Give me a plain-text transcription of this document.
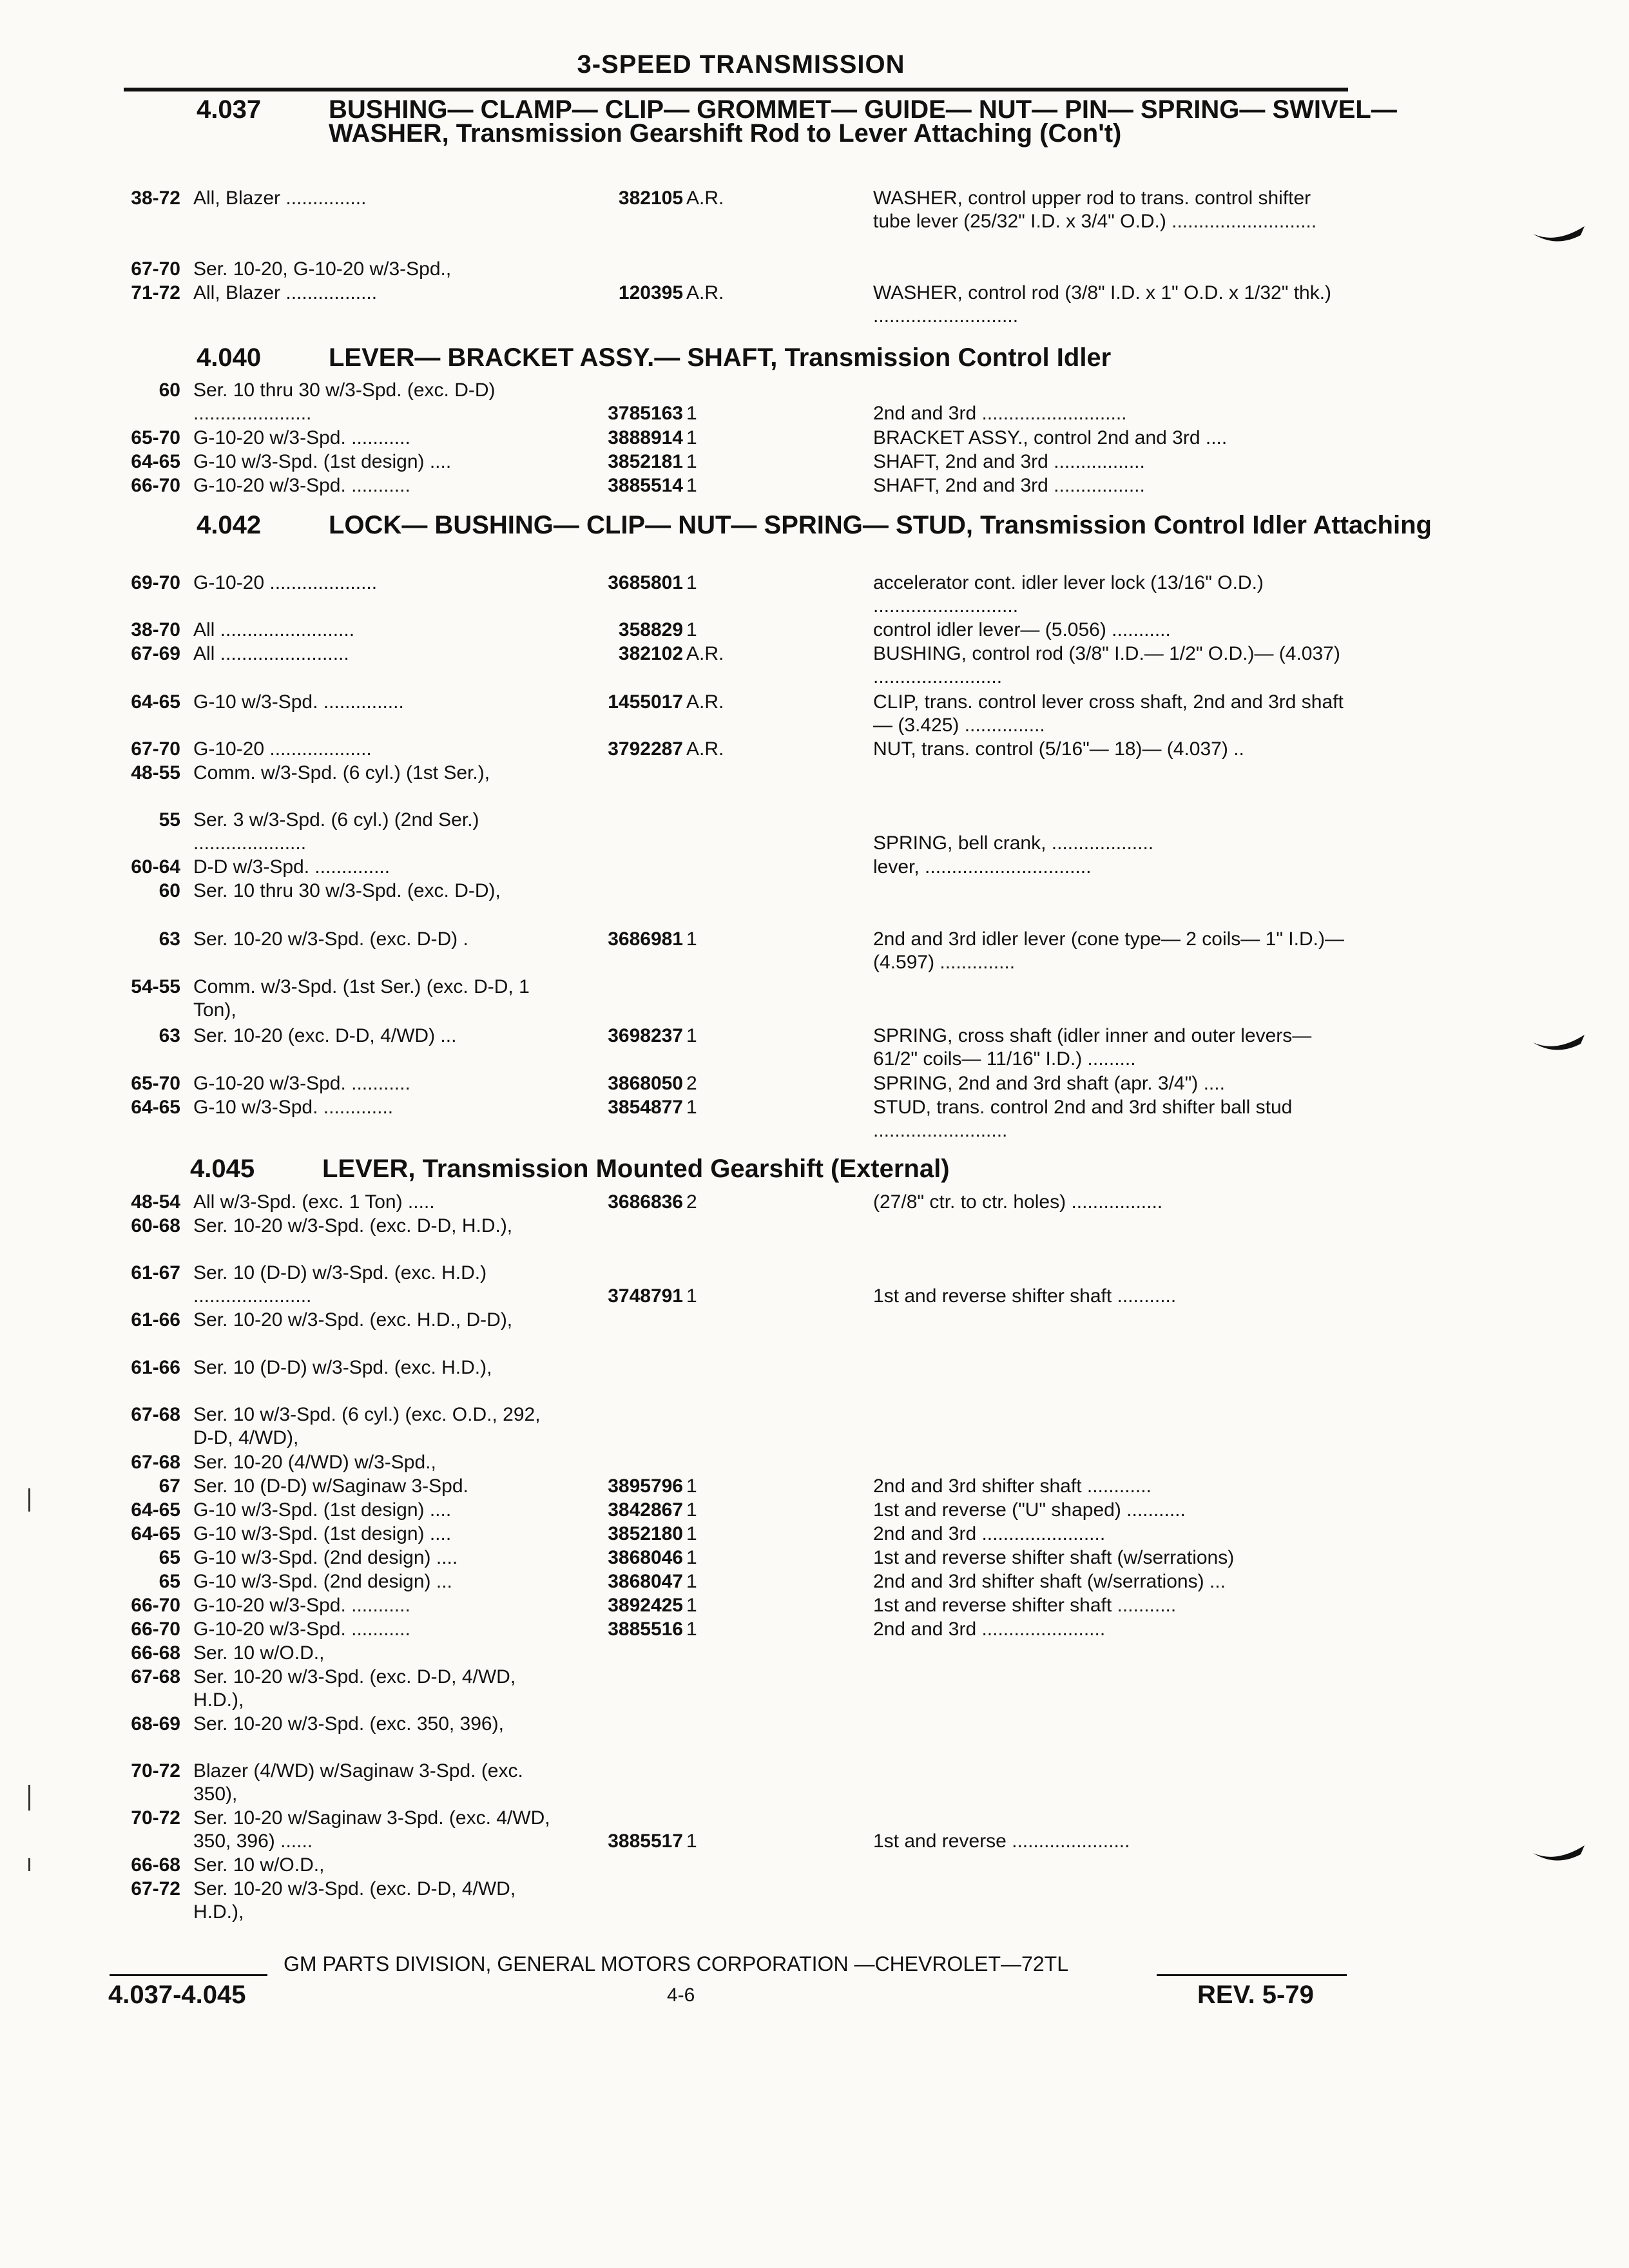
3-SPEED TRANSMISSION
4.037	BUSHING— CLAMP— CLIP— GROMMET— GUIDE— NUT— PIN— SPRING— SWIVEL— WASHER, Transmission Gearshift Rod to Lever Attaching (Con't)
38-72 All, Blazer ...............	382105 A.R.	WASHER, control upper rod to trans. control shifter tube lever (25/32" I.D. x 3/4" O.D.) ...........................
67-70 Ser. 10-20, G-10-20 w/3-Spd.,
71-72 All, Blazer .................	120395 A.R.	WASHER, control rod (3/8" I.D. x 1" O.D. x 1/32" thk.) ...........................
4.040	LEVER— BRACKET ASSY.— SHAFT, Transmission Control Idler
60 Ser. 10 thru 30 w/3-Spd. (exc. D-D) ......................	3785163 1	2nd and 3rd ...........................
65-70 G-10-20 w/3-Spd. ...........	3888914 1	BRACKET ASSY., control 2nd and 3rd ....
64-65 G-10 w/3-Spd. (1st design) ....	3852181 1	SHAFT, 2nd and 3rd .................
66-70 G-10-20 w/3-Spd. ...........	3885514 1	SHAFT, 2nd and 3rd .................
4.042	LOCK— BUSHING— CLIP— NUT— SPRING— STUD, Transmission Control Idler Attaching
69-70 G-10-20 ....................	3685801 1	accelerator cont. idler lever lock (13/16" O.D.) ...........................
38-70 All .........................	358829 1	control idler lever— (5.056) ...........
67-69 All ........................	382102 A.R.	BUSHING, control rod (3/8" I.D.— 1/2" O.D.)— (4.037) ........................
64-65 G-10 w/3-Spd. ...............	1455017 A.R.	CLIP, trans. control lever cross shaft, 2nd and 3rd shaft— (3.425) ...............
67-70 G-10-20 ...................	3792287 A.R.	NUT, trans. control (5/16"— 18)— (4.037) ..
48-55 Comm. w/3-Spd. (6 cyl.) (1st Ser.),
55 Ser. 3 w/3-Spd. (6 cyl.) (2nd Ser.) .....................	SPRING, bell crank, ...................
60-64 D-D w/3-Spd. ..............	lever, ...............................
60 Ser. 10 thru 30 w/3-Spd. (exc. D-D),
63 Ser. 10-20 w/3-Spd. (exc. D-D) .	3686981 1	2nd and 3rd idler lever (cone type— 2 coils— 1" I.D.)— (4.597) ..............
54-55 Comm. w/3-Spd. (1st Ser.) (exc. D-D, 1 Ton),
63 Ser. 10-20 (exc. D-D, 4/WD) ...	3698237 1	SPRING, cross shaft (idler inner and outer levers— 61/2" coils— 11/16" I.D.) .........
65-70 G-10-20 w/3-Spd. ...........	3868050 2	SPRING, 2nd and 3rd shaft (apr. 3/4") ....
64-65 G-10 w/3-Spd. .............	3854877 1	STUD, trans. control 2nd and 3rd shifter ball stud .........................
4.045	LEVER, Transmission Mounted Gearshift (External)
48-54 All w/3-Spd. (exc. 1 Ton) .....	3686836 2	(27/8" ctr. to ctr. holes) .................
60-68 Ser. 10-20 w/3-Spd. (exc. D-D, H.D.),
61-67 Ser. 10 (D-D) w/3-Spd. (exc. H.D.) ......................	3748791 1	1st and reverse shifter shaft ...........
61-66 Ser. 10-20 w/3-Spd. (exc. H.D., D-D),
61-66 Ser. 10 (D-D) w/3-Spd. (exc. H.D.),
67-68 Ser. 10 w/3-Spd. (6 cyl.) (exc. O.D., 292, D-D, 4/WD),
67-68 Ser. 10-20 (4/WD) w/3-Spd.,
67 Ser. 10 (D-D) w/Saginaw 3-Spd.	3895796 1	2nd and 3rd shifter shaft ............
64-65 G-10 w/3-Spd. (1st design) ....	3842867 1	1st and reverse ("U" shaped) ...........
64-65 G-10 w/3-Spd. (1st design) ....	3852180 1	2nd and 3rd .......................
65 G-10 w/3-Spd. (2nd design) ....	3868046 1	1st and reverse shifter shaft (w/serrations)
65 G-10 w/3-Spd. (2nd design) ...	3868047 1	2nd and 3rd shifter shaft (w/serrations) ...
66-70 G-10-20 w/3-Spd. ...........	3892425 1	1st and reverse shifter shaft ...........
66-70 G-10-20 w/3-Spd. ...........	3885516 1	2nd and 3rd .......................
66-68 Ser. 10 w/O.D.,
67-68 Ser. 10-20 w/3-Spd. (exc. D-D, 4/WD, H.D.),
68-69 Ser. 10-20 w/3-Spd. (exc. 350, 396),
70-72 Blazer (4/WD) w/Saginaw 3-Spd. (exc. 350),
70-72 Ser. 10-20 w/Saginaw 3-Spd. (exc. 4/WD, 350, 396) ......	3885517 1	1st and reverse ......................
66-68 Ser. 10 w/O.D.,
67-72 Ser. 10-20 w/3-Spd. (exc. D-D, 4/WD, H.D.),
GM PARTS DIVISION, GENERAL MOTORS CORPORATION —CHEVROLET—72TL
4.037-4.045	4-6	REV. 5-79
